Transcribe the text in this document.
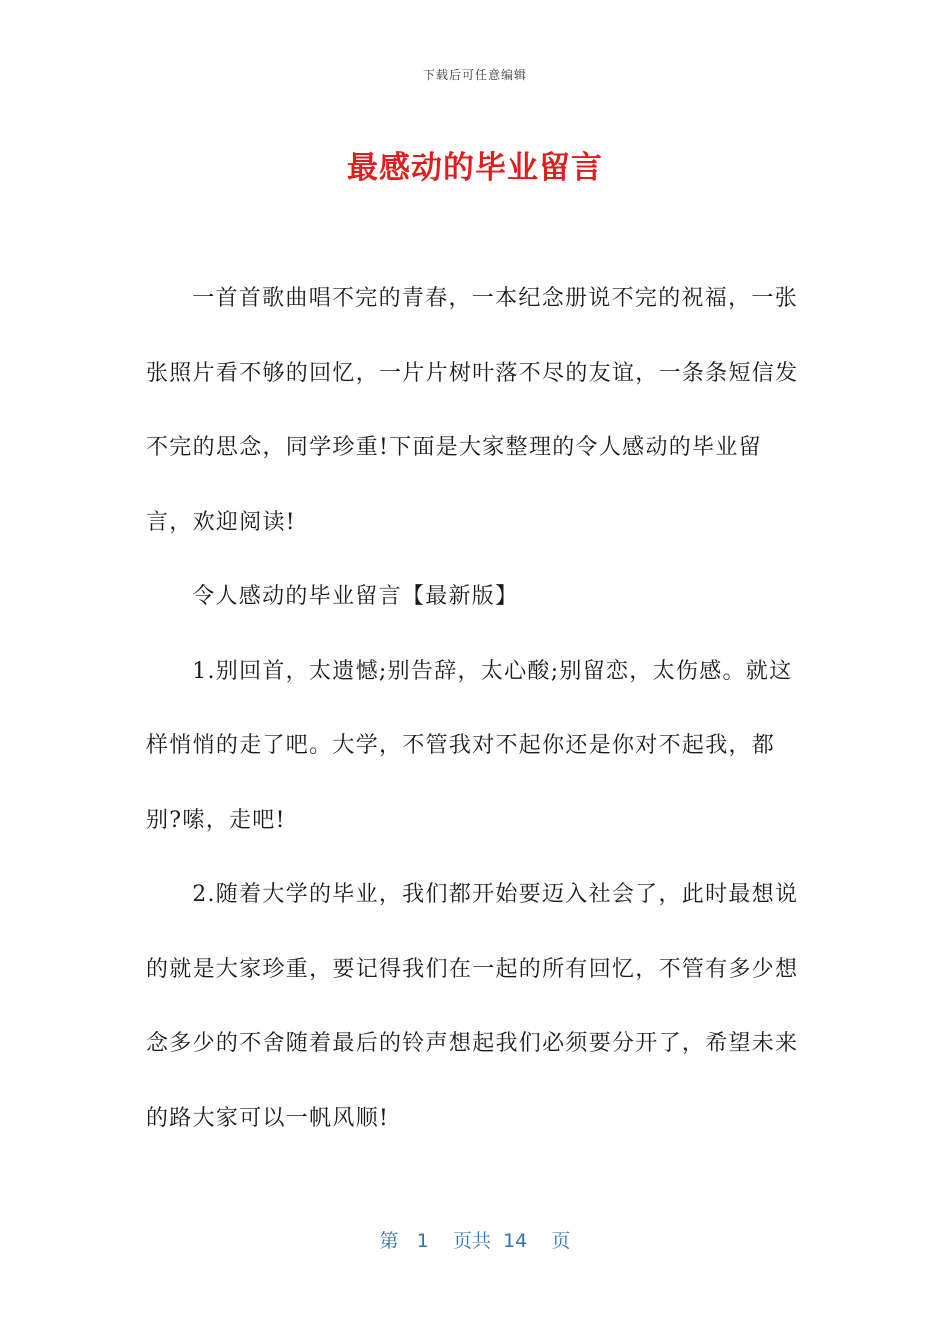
下载后可任意编辑
最感动的毕业留言

一首首歌曲唱不完的青春，一本纪念册说不完的祝福，一张张照片看不够的回忆，一片片树叶落不尽的友谊，一条条短信发不完的思念，同学珍重!下面是大家整理的令人感动的毕业留言，欢迎阅读!

令人感动的毕业留言【最新版】

1.别回首，太遗憾;别告辞，太心酸;别留恋，太伤感。就这样悄悄的走了吧。大学，不管我对不起你还是你对不起我，都别?嗦，走吧!

2.随着大学的毕业，我们都开始要迈入社会了，此时最想说的就是大家珍重，要记得我们在一起的所有回忆，不管有多少想念多少的不舍随着最后的铃声想起我们必须要分开了，希望未来的路大家可以一帆风顺!

第 1 页共 14 页
